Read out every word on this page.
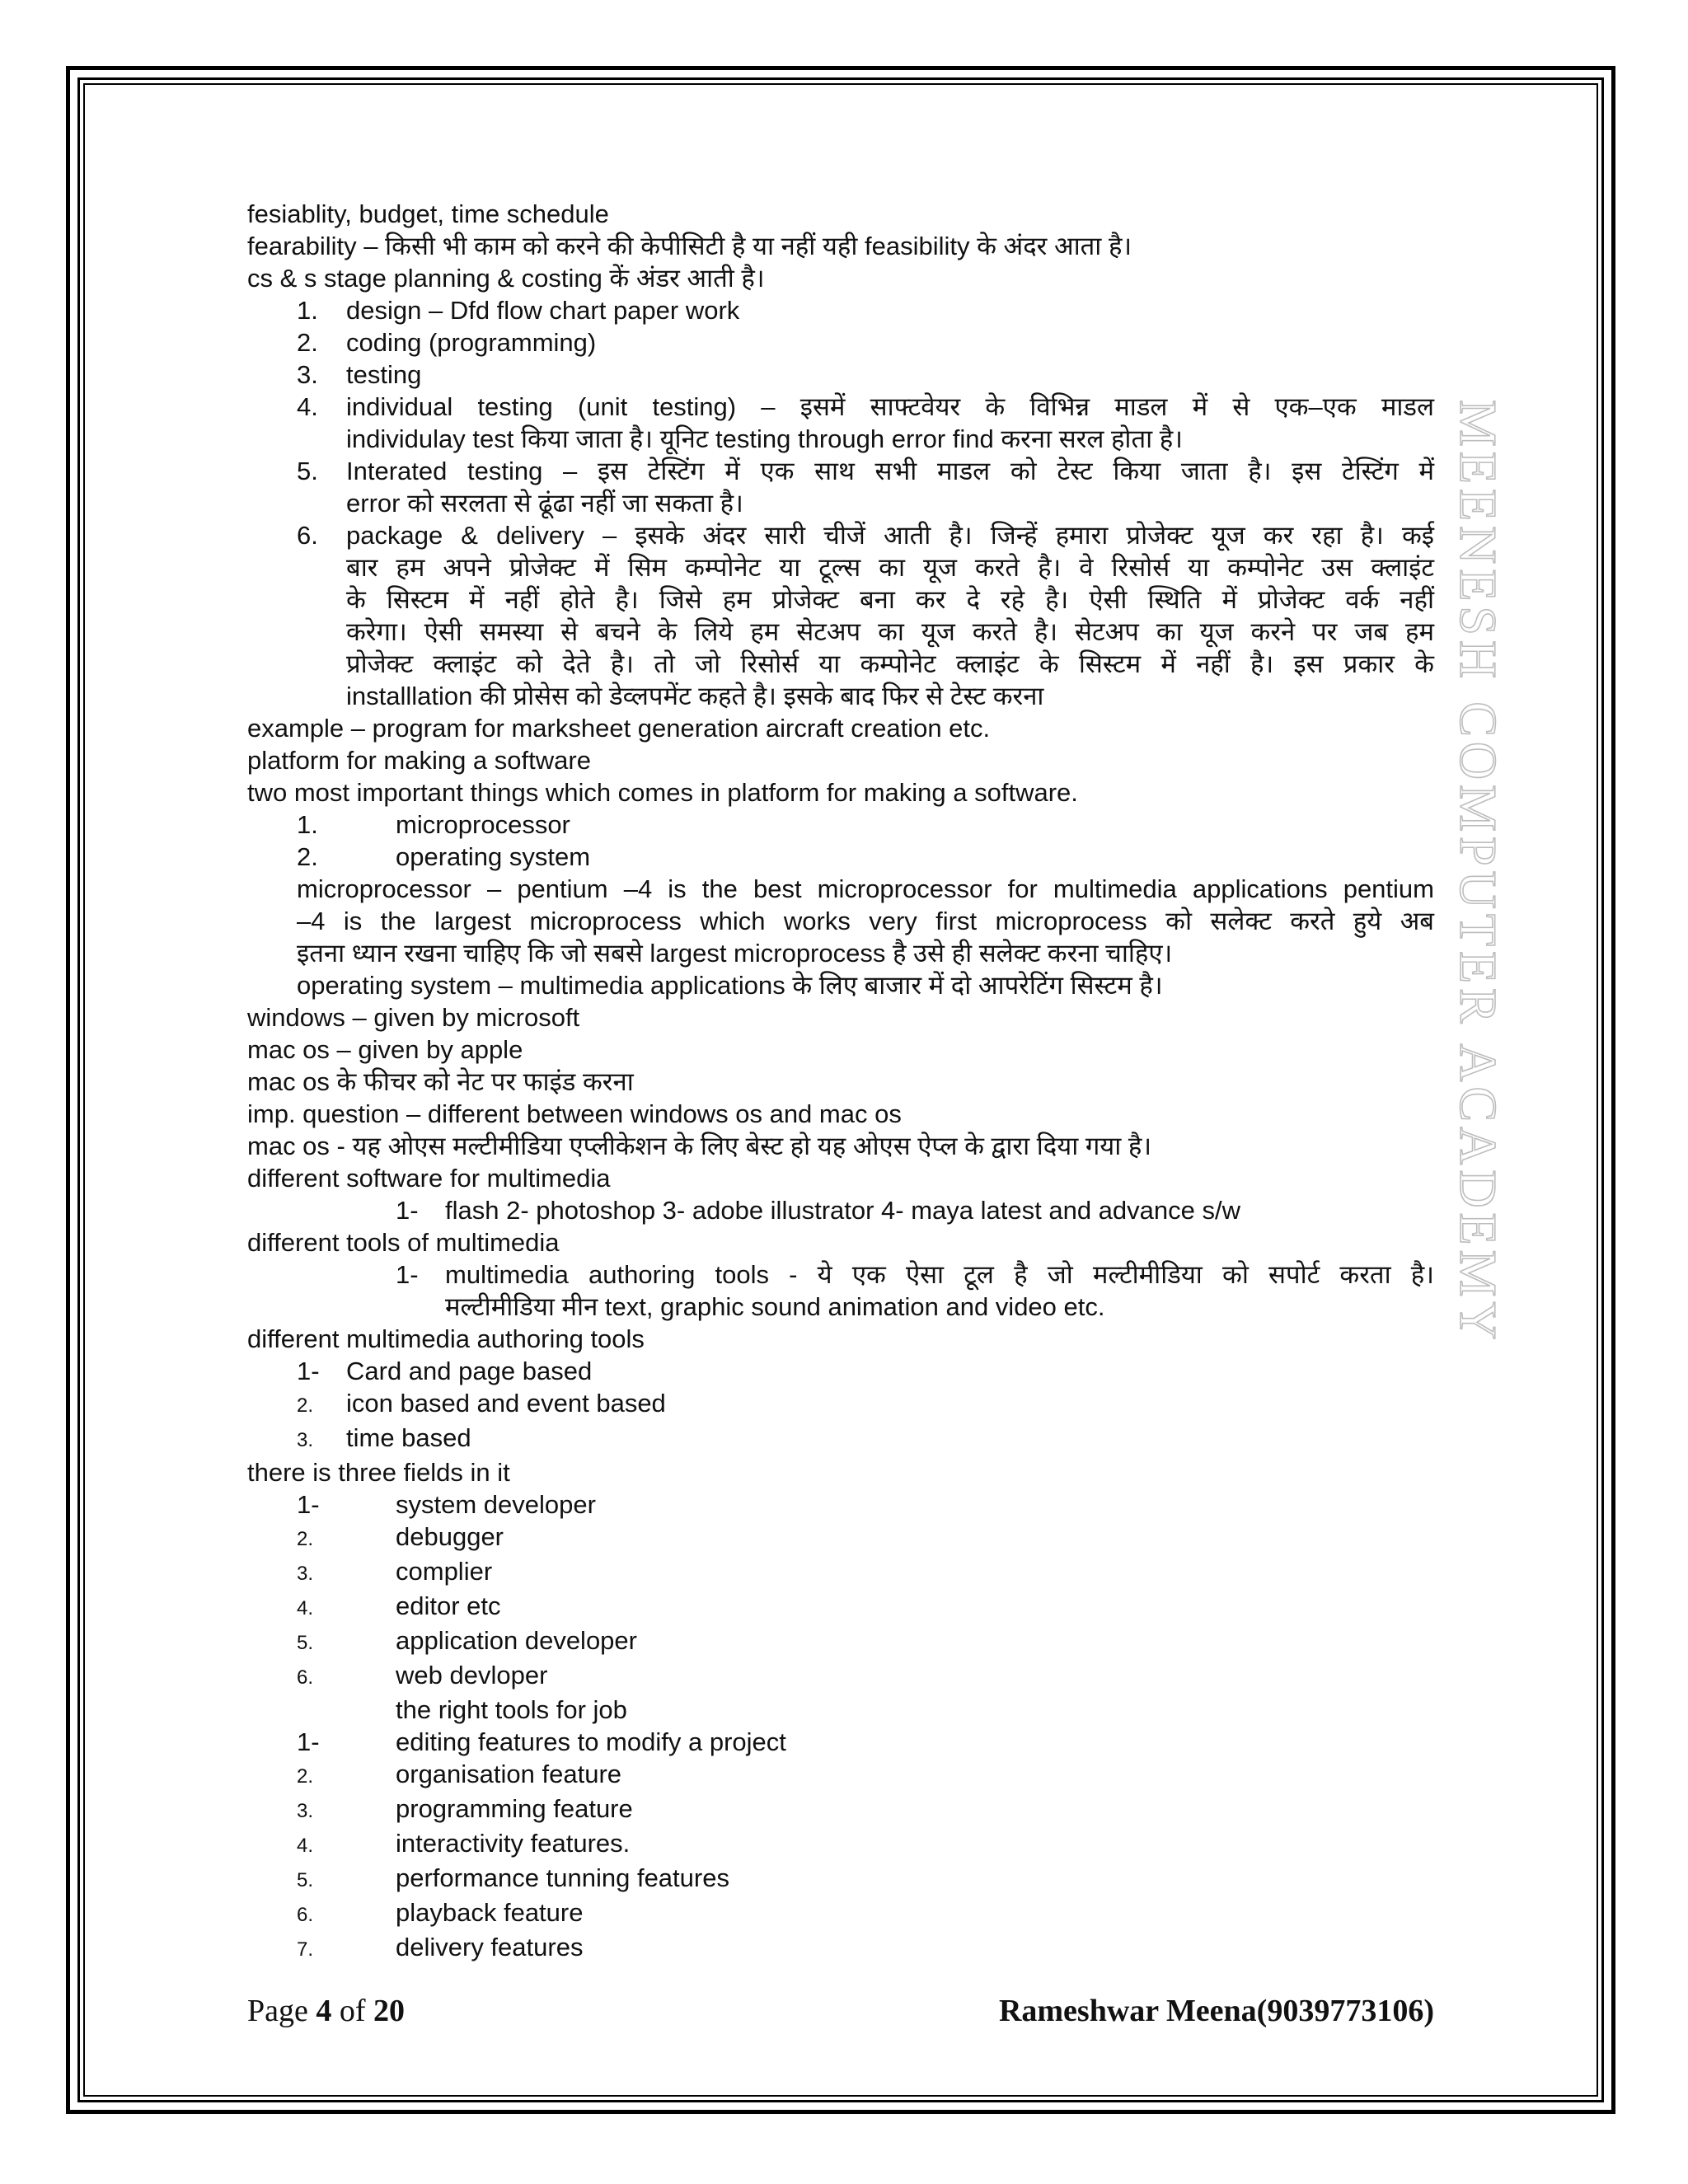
MEENESH COMPUTER ACADEMY
fesiablity, budget, time schedule
fearability – किसी भी काम को करने की केपीसिटी है या नहीं यही feasibility के अंदर आता है।
cs & s stage planning & costing कें अंडर आती है।
1.	design – Dfd flow chart paper work
2.	coding (programming)
3.	testing
4.	individual testing (unit testing) – इसमें साफ्टवेयर के विभिन्न माडल में से एक–एक माडल
individulay test किया जाता है। यूनिट testing through error find करना सरल होता है।
5.	Interated testing – इस टेस्टिंग में एक साथ सभी माडल को टेस्ट किया जाता है। इस टेस्टिंग में
error को सरलता से ढूंढा नहीं जा सकता है।
6.	package & delivery – इसके अंदर सारी चीजें आती है। जिन्हें हमारा प्रोजेक्ट यूज कर रहा है। कई
बार हम अपने प्रोजेक्ट में सिम कम्पोनेट या टूल्स का यूज करते है। वे रिसोर्स या कम्पोनेट उस क्लाइंट
के सिस्टम में नहीं होते है। जिसे हम प्रोजेक्ट बना कर दे रहे है। ऐसी स्थिति में प्रोजेक्ट वर्क नहीं
करेगा। ऐसी समस्या से बचने के लिये हम सेटअप का यूज करते है। सेटअप का यूज करने पर जब हम
प्रोजेक्ट क्लाइंट को देते है। तो जो रिसोर्स या कम्पोनेट क्लाइंट के सिस्टम में नहीं है। इस प्रकार के
installlation की प्रोसेस को डेव्लपमेंट कहते है। इसके बाद फिर से टेस्ट करना
example – program for marksheet generation aircraft creation etc.
platform for making a software
two most important things which comes in platform for making a software.
1.	microprocessor
2.	operating system
microprocessor – pentium –4 is the best microprocessor for multimedia applications pentium
–4 is the largest microprocess which works very first microprocess को सलेक्ट करते हुये अब
इतना ध्यान रखना चाहिए कि जो सबसे largest microprocess है उसे ही सलेक्ट करना चाहिए।
operating system – multimedia applications के लिए बाजार में दो आपरेटिंग सिस्टम है।
windows – given by microsoft
mac os – given by apple
mac os के फीचर को नेट पर फाइंड करना
imp. question – different between windows os and mac os
mac os - यह ओएस मल्टीमीडिया एप्लीकेशन के लिए बेस्ट हो यह ओएस ऐप्ल के द्वारा दिया गया है।
different software for multimedia
1-	flash 2- photoshop 3- adobe illustrator 4- maya latest and advance s/w
different tools of multimedia
1-	multimedia authoring tools - ये एक ऐसा टूल है जो मल्टीमीडिया को सपोर्ट करता है।
मल्टीमीडिया मीन text, graphic sound animation and video etc.
different multimedia authoring tools
1-	Card and page based
2.	icon based and event based
3.	time based
there is three fields in it
1-	system developer
2.	debugger
3.	complier
4.	editor etc
5.	application developer
6.	web devloper
the right tools for job
1-	editing features to modify a project
2.	organisation feature
3.	programming feature
4.	interactivity features.
5.	performance tunning features
6.	playback feature
7.	delivery features
Page 4 of 20	Rameshwar Meena(9039773106)
